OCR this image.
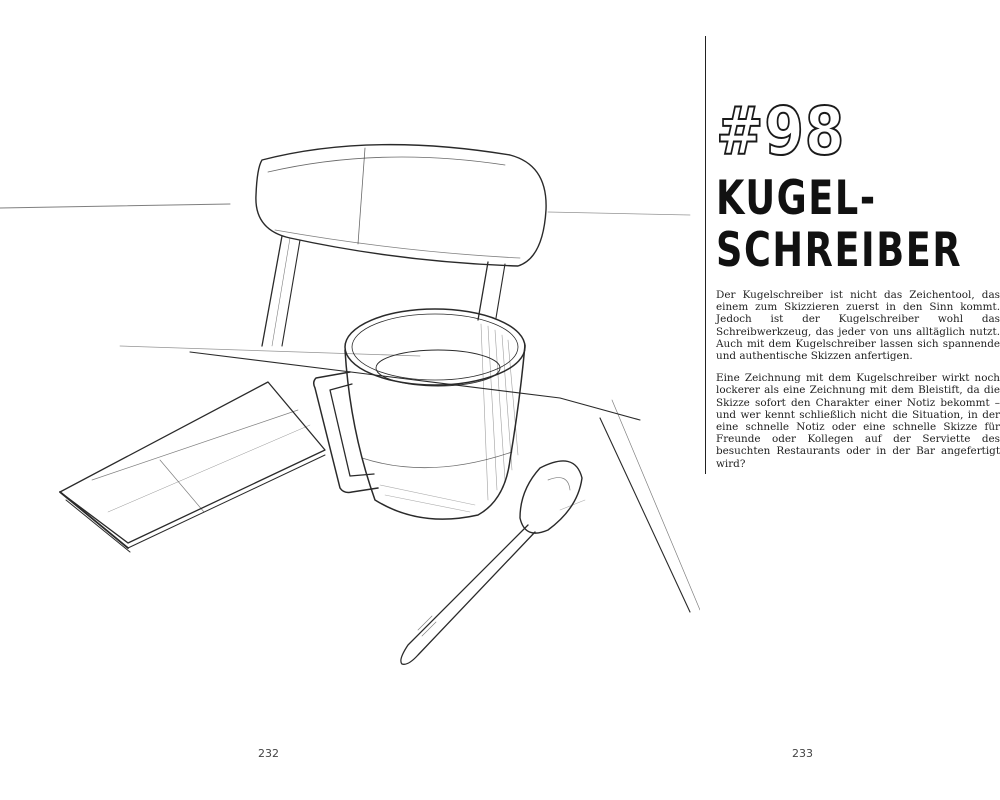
#98
KUGEL-
SCHREIBER

Der Kugelschreiber ist nicht das Zeichentool, das einem zum Skizzieren zuerst in den Sinn kommt. Jedoch ist der Kugelschreiber wohl das Schreibwerkzeug, das jeder von uns alltäglich nutzt. Auch mit dem Kugelschreiber lassen sich spannende und authentische Skizzen anfertigen.

Eine Zeichnung mit dem Kugelschreiber wirkt noch lockerer als eine Zeichnung mit dem Bleistift, da die Skizze sofort den Charakter einer Notiz bekommt – und wer kennt schließlich nicht die Situation, in der eine schnelle Notiz oder eine schnelle Skizze für Freunde oder Kollegen auf der Serviette des besuchten Restaurants oder in der Bar angefertigt wird?

232	233
